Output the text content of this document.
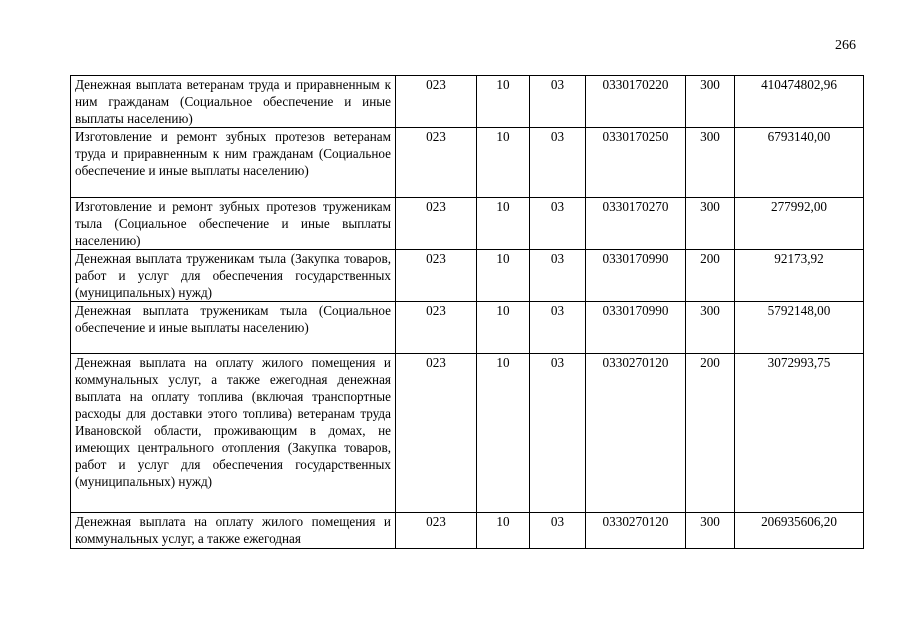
266
Денежная выплата ветеранам труда и приравненным к ним гражданам (Социальное обеспечение и иные выплаты населению)	023	10	03	0330170220	300	410474802,96
Изготовление и ремонт зубных протезов ветеранам труда и приравненным к ним гражданам (Социальное обеспечение и иные выплаты населению)	023	10	03	0330170250	300	6793140,00
Изготовление и ремонт зубных протезов труженикам тыла (Социальное обеспечение и иные выплаты населению)	023	10	03	0330170270	300	277992,00
Денежная выплата труженикам тыла (Закупка товаров, работ и услуг для обеспечения государственных (муниципальных) нужд)	023	10	03	0330170990	200	92173,92
Денежная выплата труженикам тыла (Социальное обеспечение и иные выплаты населению)	023	10	03	0330170990	300	5792148,00
Денежная выплата на оплату жилого помещения и коммунальных услуг, а также ежегодная денежная выплата на оплату топлива (включая транспортные расходы для доставки этого топлива) ветеранам труда Ивановской области, проживающим в домах, не имеющих центрального отопления (Закупка товаров, работ и услуг для обеспечения государственных (муниципальных) нужд)	023	10	03	0330270120	200	3072993,75
Денежная выплата на оплату жилого помещения и коммунальных услуг, а также ежегодная	023	10	03	0330270120	300	206935606,20
